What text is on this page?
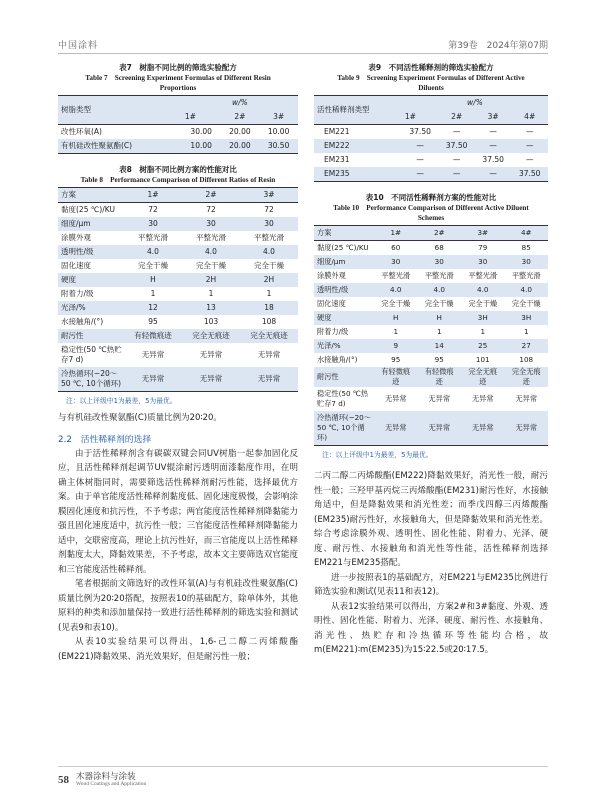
中国涂料	第39卷　2024年第07期
表7　树脂不同比例的筛选实验配方
Table 7　Screening Experiment Formulas of Different Resin Proportions
树脂类型	w/%		
	1#	2#	3#
改性环氧(A)	30.00	20.00	10.00
有机硅改性聚氨酯(C)	10.00	20.00	30.50
表8　树脂不同比例方案的性能对比
Table 8　Performance Comparison of Different Ratios of Resin
方案	1#	2#	3#
黏度(25 ℃)/KU	72	72	72
细度/μm	30	30	30
涂膜外观	平整光滑	平整光滑	平整光滑
透明性/级	4.0	4.0	4.0
固化速度	完全干燥	完全干燥	完全干燥
硬度	H	2H	2H
附着力/级	1	1	1
光泽/%	12	13	18
水接触角/(°)	95	103	108
耐污性	有轻微痕迹	完全无痕迹	完全无痕迹
稳定性(50 ℃热贮存7 d)	无异常	无异常	无异常
冷热循环(−20～50 ℃, 10个循环)	无异常	无异常	无异常
注：以上评级中1为最差，5为最优。

与有机硅改性聚氨酯(C)质量比例为20∶20。

2.2　活性稀释剂的选择

由于活性稀释剂含有碳碳双键会同UV树脂一起参加固化反应，且活性稀释剂起调节UV辊涂耐污透明面漆黏度作用，在明确主体树脂同时，需要筛选活性稀释剂耐污性能，选择最优方案。由于单官能度活性稀释剂黏度低、固化速度极慢，会影响涂膜固化速度和抗污性，不予考虑；两官能度活性稀释剂降黏能力强且固化速度适中，抗污性一般；三官能度活性稀释剂降黏能力适中，交联密度高，理论上抗污性好，而三官能度以上活性稀释剂黏度太大，降黏效果差，不予考虑，故本文主要筛选双官能度和三官能度活性稀释剂。

笔者根据前文筛选好的改性环氧(A)与有机硅改性聚氨酯(C)质量比例为20∶20搭配，按照表10的基础配方，除单体外，其他原料的种类和添加量保持一致进行活性稀释剂的筛选实验和测试(见表9和表10)。

从表10实验结果可以得出，1,6-己二醇二丙烯酸酯(EM221)降黏效果、消光效果好，但是耐污性一般；

表9　不同活性稀释剂的筛选实验配方
Table 9　Screening Experiment Formulas of Different Active Diluents
活性稀释剂类型	w/%			
	1#	2#	3#	4#
EM221	37.50	—	—	—
EM222	—	37.50	—	—
EM231	—	—	37.50	—
EM235	—	—	—	37.50
表10　不同活性稀释剂方案的性能对比
Table 10　Performance Comparison of Different Active Diluent Schemes
方案	1#	2#	3#	4#
黏度(25 ℃)/KU	60	68	79	85
细度/μm	30	30	30	30
涂膜外观	平整光滑	平整光滑	平整光滑	平整光滑
透明性/级	4.0	4.0	4.0	4.0
固化速度	完全干燥	完全干燥	完全干燥	完全干燥
硬度	H	H	3H	3H
附着力/级	1	1	1	1
光泽/%	9	14	25	27
水接触角/(°)	95	95	101	108
耐污性	有轻微痕迹	有轻微痕迹	完全无痕迹	完全无痕迹
稳定性(50 ℃热贮存7 d)	无异常	无异常	无异常	无异常
冷热循环(−20～50 ℃, 10个循环)	无异常	无异常	无异常	无异常
注：以上评级中1为最差，5为最优。

二丙二醇二丙烯酸酯(EM222)降黏效果好，消光性一般，耐污性一般；三羟甲基丙烷三丙烯酸酯(EM231)耐污性好，水接触角适中，但是降黏效果和消光性差；而季戊四醇三丙烯酸酯(EM235)耐污性好，水接触角大，但是降黏效果和消光性差。综合考虑涂膜外观、透明性、固化性能、附着力、光泽、硬度、耐污性、水接触角和消光性等性能，活性稀释剂选择EM221与EM235搭配。

进一步按照表1的基础配方，对EM221与EM235比例进行筛选实验和测试(见表11和表12)。

从表12实验结果可以得出，方案2#和3#黏度、外观、透明性、固化性能、附着力、光泽、硬度、耐污性、水接触角、消光性、热贮存和冷热循环等性能均合格，故m(EM221)∶m(EM235)为15∶22.5或20∶17.5。

58 木器涂料与涂装
Wood Coatings and Application
